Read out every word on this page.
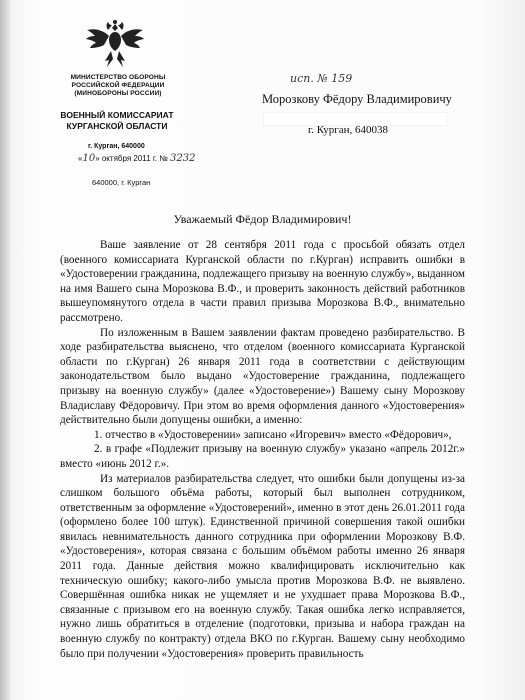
МИНИСТЕРСТВО ОБОРОНЫ
РОССИЙСКОЙ ФЕДЕРАЦИИ
(МИНОБОРОНЫ РОССИИ)
ВОЕННЫЙ КОМИССАРИАТ
КУРГАНСКОЙ ОБЛАСТИ
г. Курган, 640000
«10» октября 2011 г. № 3232
640000, г. Курган
исп. № 159
Морозкову Фёдору Владимировичу
г. Курган, 640038
Уважаемый Фёдор Владимирович!

Ваше заявление от 28 сентября 2011 года с просьбой обязать отдел (военного комиссариата Курганской области по г.Курган) исправить ошибки в «Удостоверении гражданина, подлежащего призыву на военную службу», выданном на имя Вашего сына Морозкова В.Ф., и проверить законность действий работников вышеупомянутого отдела в части правил призыва Морозкова В.Ф., внимательно рассмотрено.

По изложенным в Вашем заявлении фактам проведено разбирательство. В ходе разбирательства выяснено, что отделом (военного комиссариата Курганской области по г.Курган) 26 января 2011 года в соответствии с действующим законодательством было выдано «Удостоверение гражданина, подлежащего призыву на военную службу» (далее «Удостоверение») Вашему сыну Морозкову Владиславу Фёдоровичу. При этом во время оформления данного «Удостоверения» действительно были допущены ошибки, а именно:

1. отчество в «Удостоверении» записано «Игоревич» вместо «Фёдорович»,

2. в графе «Подлежит призыву на военную службу» указано «апрель 2012г.» вместо «июнь 2012 г.».

Из материалов разбирательства следует, что ошибки были допущены из-за слишком большого объёма работы, который был выполнен сотрудником, ответственным за оформление «Удостоверений», именно в этот день 26.01.2011 года (оформлено более 100 штук). Единственной причиной совершения такой ошибки явилась невнимательность данного сотрудника при оформлении Морозкову В.Ф. «Удостоверения», которая связана с большим объёмом работы именно 26 января 2011 года. Данные действия можно квалифицировать исключительно как техническую ошибку; какого-либо умысла против Морозкова В.Ф. не выявлено. Совершённая ошибка никак не ущемляет и не ухудшает права Морозкова В.Ф., связанные с призывом его на военную службу. Такая ошибка легко исправляется, нужно лишь обратиться в отделение (подготовки, призыва и набора граждан на военную службу по контракту) отдела ВКО по г.Курган. Вашему сыну необходимо было при получении «Удостоверения» проверить правильность
